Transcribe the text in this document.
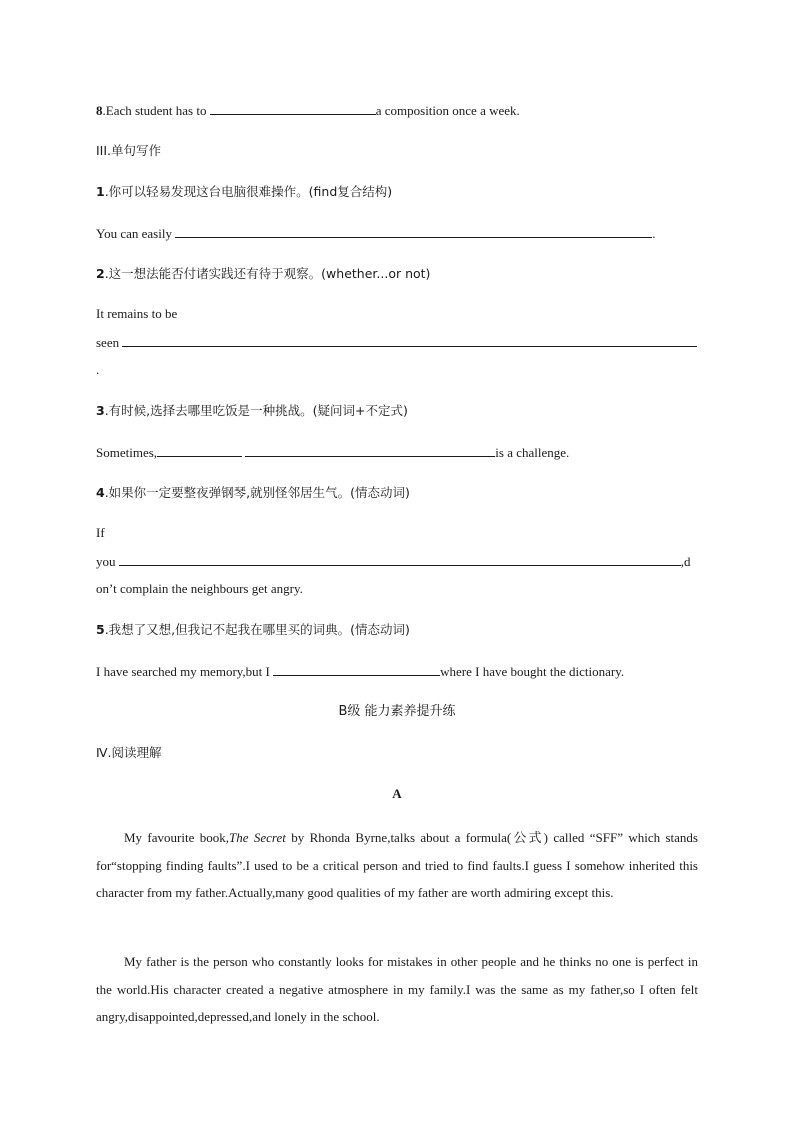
8.Each student has to	a composition once a week.
III.单句写作
1.你可以轻易发现这台电脑很难操作。(find复合结构)
You can easily	.
2.这一想法能否付诸实践还有待于观察。(whether...or not)
It remains to be
seen
.
3.有时候,选择去哪里吃饭是一种挑战。(疑问词+不定式)
Sometimes,	is a challenge.
4.如果你一定要整夜弹钢琴,就别怪邻居生气。(情态动词)
If
you	,d
on’t complain the neighbours get angry.
5.我想了又想,但我记不起我在哪里买的词典。(情态动词)
I have searched my memory,but I	where I have bought the dictionary.
B级 能力素养提升练
Ⅳ.阅读理解
A
My favourite book,The Secret by Rhonda Byrne,talks about a formula(公式) called “SFF” which stands for“stopping finding faults”.I used to be a critical person and tried to find faults.I guess I somehow inherited this character from my father.Actually,many good qualities of my father are worth admiring except this.
My father is the person who constantly looks for mistakes in other people and he thinks no one is perfect in the world.His character created a negative atmosphere in my family.I was the same as my father,so I often felt angry,disappointed,depressed,and lonely in the school.
